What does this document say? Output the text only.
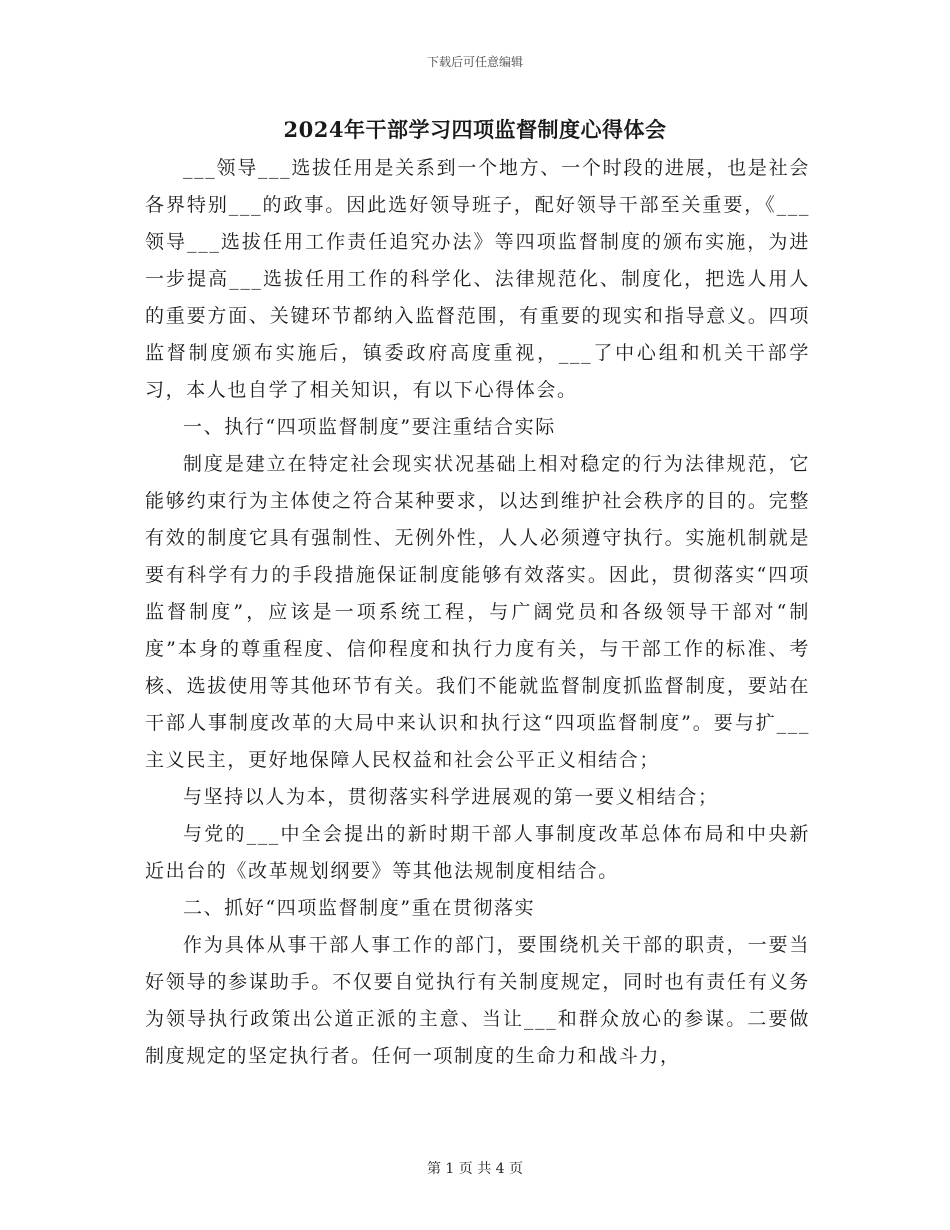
下载后可任意编辑
2024年干部学习四项监督制度心得体会

___领导___选拔任用是关系到一个地方、一个时段的进展，也是社会各界特别___的政事。因此选好领导班子，配好领导干部至关重要，《___领导___选拔任用工作责任追究办法》等四项监督制度的颁布实施，为进一步提高___选拔任用工作的科学化、法律规范化、制度化，把选人用人的重要方面、关键环节都纳入监督范围，有重要的现实和指导意义。四项监督制度颁布实施后，镇委政府高度重视，___了中心组和机关干部学习，本人也自学了相关知识，有以下心得体会。

一、执行“四项监督制度”要注重结合实际

制度是建立在特定社会现实状况基础上相对稳定的行为法律规范，它能够约束行为主体使之符合某种要求，以达到维护社会秩序的目的。完整有效的制度它具有强制性、无例外性，人人必须遵守执行。实施机制就是要有科学有力的手段措施保证制度能够有效落实。因此，贯彻落实“四项监督制度”，应该是一项系统工程，与广阔党员和各级领导干部对“制度”本身的尊重程度、信仰程度和执行力度有关，与干部工作的标准、考核、选拔使用等其他环节有关。我们不能就监督制度抓监督制度，要站在干部人事制度改革的大局中来认识和执行这“四项监督制度”。要与扩___主义民主，更好地保障人民权益和社会公平正义相结合；

与坚持以人为本，贯彻落实科学进展观的第一要义相结合；

与党的___中全会提出的新时期干部人事制度改革总体布局和中央新近出台的《改革规划纲要》等其他法规制度相结合。

二、抓好“四项监督制度”重在贯彻落实

作为具体从事干部人事工作的部门，要围绕机关干部的职责，一要当好领导的参谋助手。不仅要自觉执行有关制度规定，同时也有责任有义务为领导执行政策出公道正派的主意、当让___和群众放心的参谋。二要做制度规定的坚定执行者。任何一项制度的生命力和战斗力，

第 1 页 共 4 页
